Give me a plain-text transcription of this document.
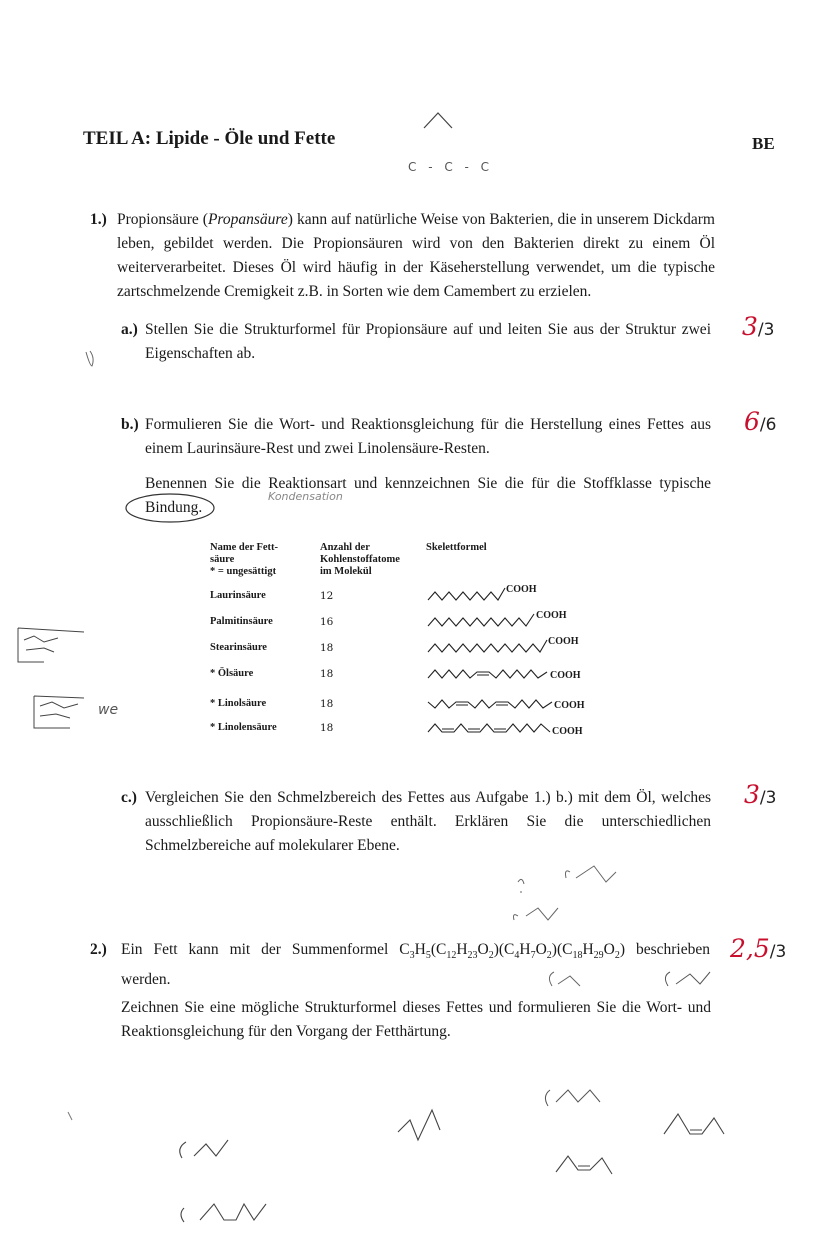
TEIL A: Lipide - Öle und Fette	BE
C - C - C
1.) Propionsäure (Propansäure) kann auf natürliche Weise von Bakterien, die in unserem Dickdarm leben, gebildet werden. Die Propionsäuren wird von den Bakterien direkt zu einem Öl weiterverarbeitet. Dieses Öl wird häufig in der Käseherstellung verwendet, um die typische zartschmelzende Cremigkeit z.B. in Sorten wie dem Camembert zu erzielen.
a.) Stellen Sie die Strukturformel für Propionsäure auf und leiten Sie aus der Struktur zwei Eigenschaften ab.
3/3
b.) Formulieren Sie die Wort- und Reaktionsgleichung für die Herstellung eines Fettes aus einem Laurinsäure-Rest und zwei Linolensäure-Resten.
6/6
Benennen Sie die Reaktionsart und kennzeichnen Sie die für die Stoffklasse typische Bindung.
Kondensation
Name der Fett-
säure
* = ungesättigt
Anzahl der
Kohlenstoffatome
im Molekül
Skelettformel
Laurinsäure	12
COOH
Palmitinsäure	16
COOH
Stearinsäure	18
COOH
* Ölsäure	18	COOH
* Linolsäure	18	COOH
* Linolensäure	18	COOH
we
c.) Vergleichen Sie den Schmelzbereich des Fettes aus Aufgabe 1.) b.) mit dem Öl, welches ausschließlich Propionsäure-Reste enthält. Erklären Sie die unterschiedlichen Schmelzbereiche auf molekularer Ebene.
3/3
2.) Ein Fett kann mit der Summenformel $C_3H_5(C_{12}H_{23}O_2)(C_4H_7O_2)(C_{18}H_{29}O_2)$ beschrieben werden.
2,5/3
Zeichnen Sie eine mögliche Strukturformel dieses Fettes und formulieren Sie die Wort- und Reaktionsgleichung für den Vorgang der Fetthärtung.
